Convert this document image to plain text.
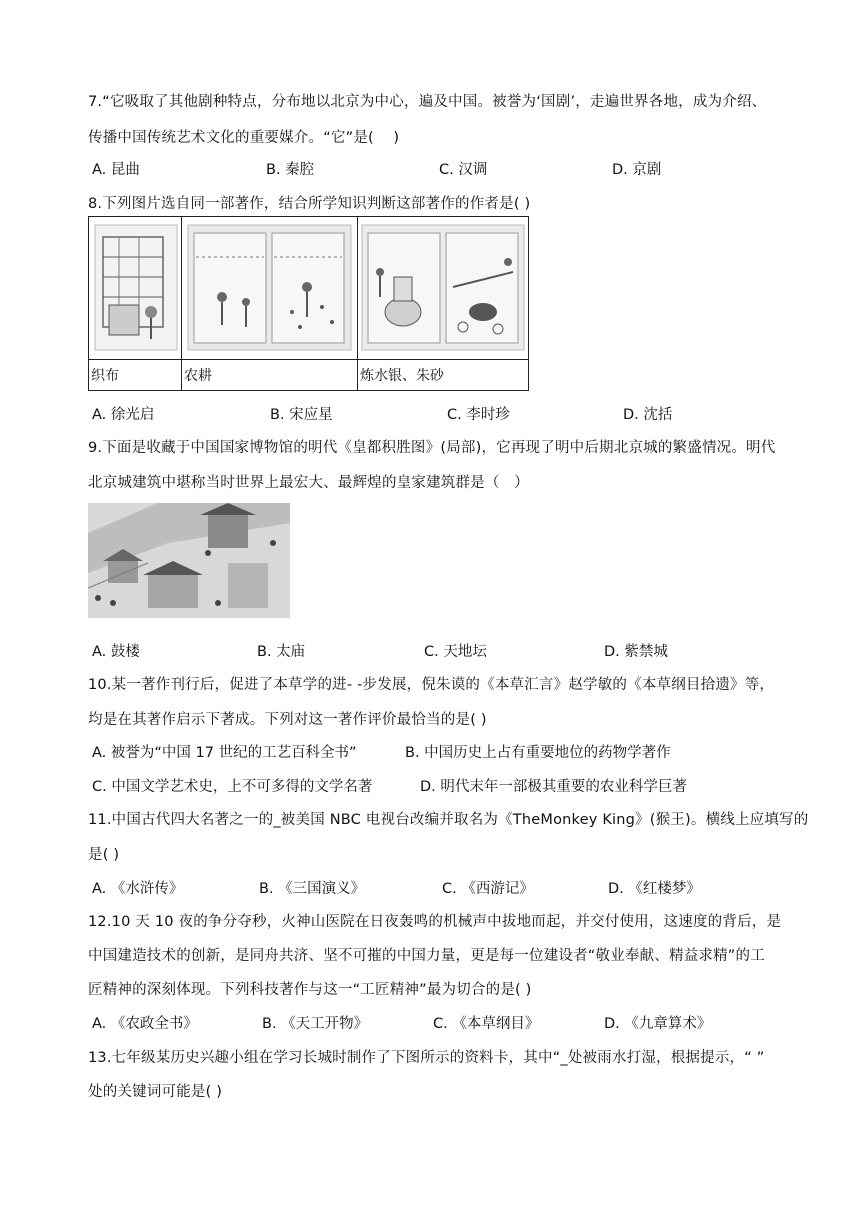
7.“它吸取了其他剧种特点，分布地以北京为中心，遍及中国。被誉为‘国剧’，走遍世界各地，成为介绍、
传播中国传统艺术文化的重要媒介。“它”是(　 )
A. 昆曲	B. 秦腔	C. 汉调	D. 京剧
8.下列图片选自同一部著作，结合所学知识判断这部著作的作者是( )

织布	农耕	炼水银、朱砂
A. 徐光启	B. 宋应星	C. 李时珍	D. 沈括
9.下面是收藏于中国国家博物馆的明代《皇都积胜图》(局部)，它再现了明中后期北京城的繁盛情况。明代
北京城建筑中堪称当时世界上最宏大、最辉煌的皇家建筑群是（　）
A. 鼓楼	B. 太庙	C. 天地坛	D. 紫禁城
10.某一著作刊行后，促进了本草学的进- -步发展，倪朱谟的《本草汇言》赵学敏的《本草纲目拾遗》等，
均是在其著作启示下著成。下列对这一著作评价最恰当的是( )
A. 被誉为“中国 17 世纪的工艺百科全书”	B. 中国历史上占有重要地位的药物学著作
C. 中国文学艺术史，上不可多得的文学名著	D. 明代末年一部极其重要的农业科学巨著
11.中国古代四大名著之一的_被美国 NBC 电视台改编并取名为《TheMonkey King》(猴王)。横线上应填写的
是( )
A. 《水浒传》	B. 《三国演义》	C. 《西游记》	D. 《红楼梦》
12.10 天 10 夜的争分夺秒，火神山医院在日夜轰鸣的机械声中拔地而起，并交付使用，这速度的背后，是
中国建造技术的创新，是同舟共济、坚不可摧的中国力量，更是每一位建设者“敬业奉献、精益求精”的工
匠精神的深刻体现。下列科技著作与这一“工匠精神”最为切合的是( )
A. 《农政全书》	B. 《天工开物》	C. 《本草纲目》	D. 《九章算术》
13.七年级某历史兴趣小组在学习长城时制作了下图所示的资料卡，其中“_处被雨水打湿，根据提示，“ ”
处的关键词可能是( )
